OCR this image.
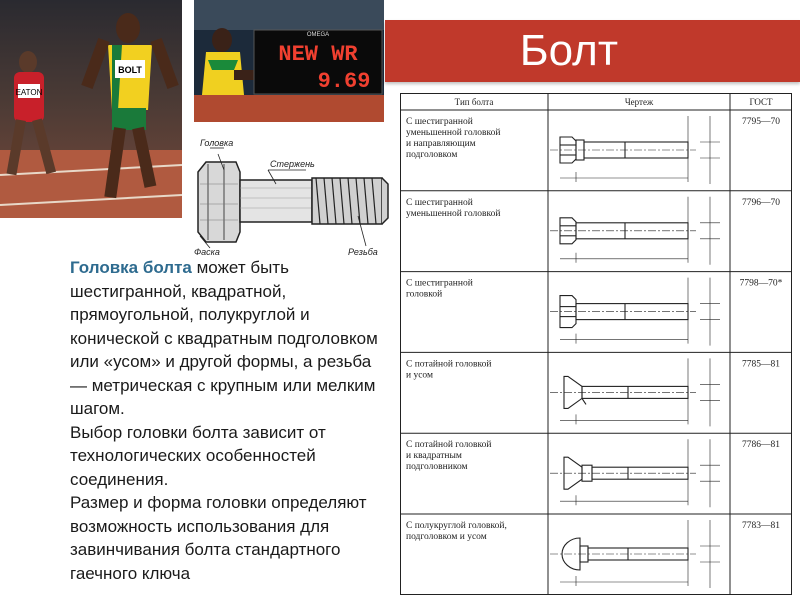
EATON
BOLT
OMEGA
NEW WR
9.69
Болт
Головка
Стержень
Фаска	Резьба

Головка болта может быть шестигранной, квадратной, прямоугольной, полукруглой и конической с квадратным подголовком или «усом» и другой формы, а резьба — метрическая с крупным или мелким шагом.

Выбор головки болта зависит от технологических особенностей соединения.

Размер и форма головки определяют возможность использования для завинчивания болта стандартного гаечного ключа

Тип болта	Чертеж	ГОСТ
С шестигранной
уменьшенной головкой
и направляющим
подголовком
7795—70
С шестигранной
уменьшенной головкой
7796—70
С шестигранной
головкой
7798—70*
С потайной головкой
и усом
7785—81
С потайной головкой
и квадратным
подголовником
7786—81
С полукруглой головкой,
подголовком и усом
7783—81
